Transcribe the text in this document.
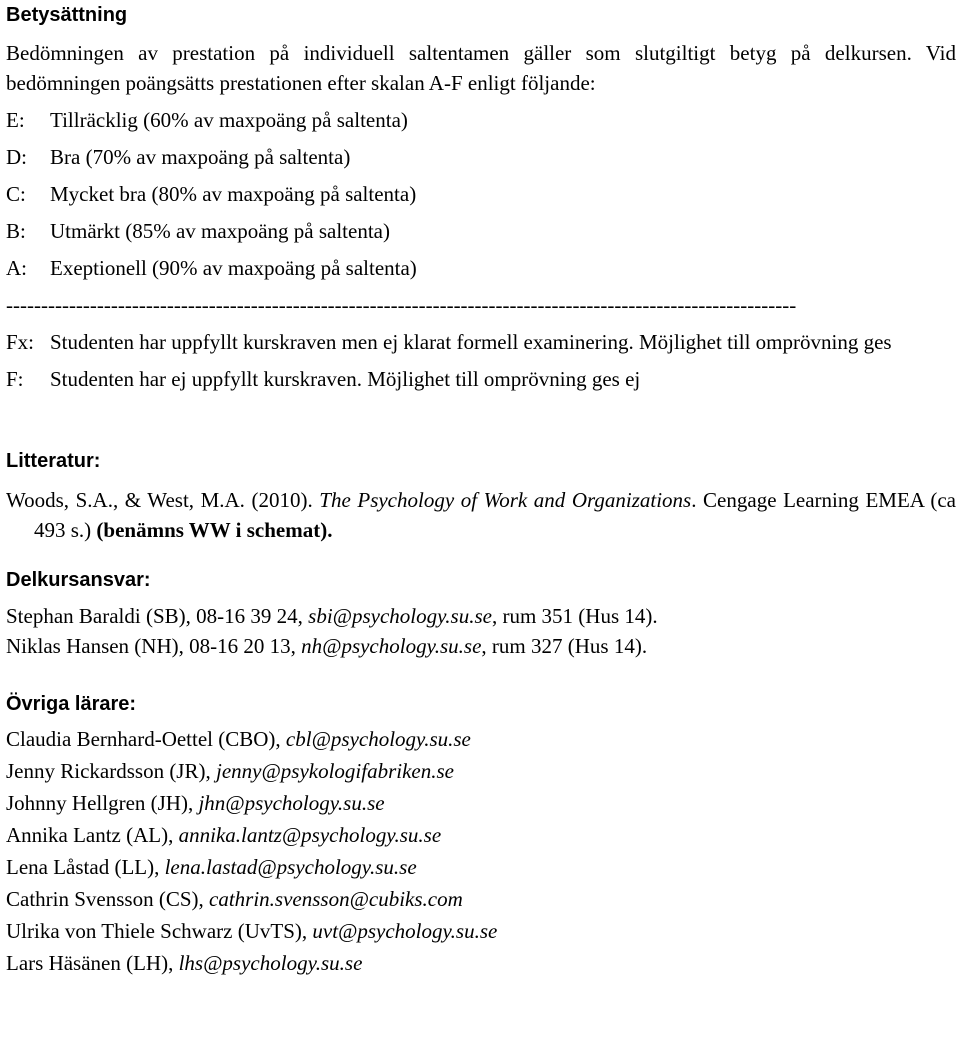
Betysättning
Bedömningen av prestation på individuell saltentamen gäller som slutgiltigt betyg på delkursen. Vid bedömningen poängsätts prestationen efter skalan A-F enligt följande:
E:	Tillräcklig (60% av maxpoäng på saltenta)
D:	Bra (70% av maxpoäng på saltenta)
C:	Mycket bra (80% av maxpoäng på saltenta)
B:	Utmärkt (85% av maxpoäng på saltenta)
A:	Exeptionell (90% av maxpoäng på saltenta)
-----------------------------------------------------------------------------------------------------------------
Fx: Studenten har uppfyllt kurskraven men ej klarat formell examinering. Möjlighet till omprövning ges
F:	Studenten har ej uppfyllt kurskraven. Möjlighet till omprövning ges ej
Litteratur:
Woods, S.A., & West, M.A. (2010). The Psychology of Work and Organizations. Cengage Learning EMEA (ca 493 s.) (benämns WW i schemat).
Delkursansvar:
Stephan Baraldi (SB), 08-16 39 24, sbi@psychology.su.se, rum 351 (Hus 14).
Niklas Hansen (NH), 08-16 20 13, nh@psychology.su.se, rum 327 (Hus 14).
Övriga lärare:
Claudia Bernhard-Oettel (CBO), cbl@psychology.su.se
Jenny Rickardsson (JR), jenny@psykologifabriken.se
Johnny Hellgren (JH), jhn@psychology.su.se
Annika Lantz (AL), annika.lantz@psychology.su.se
Lena Låstad (LL), lena.lastad@psychology.su.se
Cathrin Svensson (CS), cathrin.svensson@cubiks.com
Ulrika von Thiele Schwarz (UvTS), uvt@psychology.su.se
Lars Häsänen (LH), lhs@psychology.su.se
